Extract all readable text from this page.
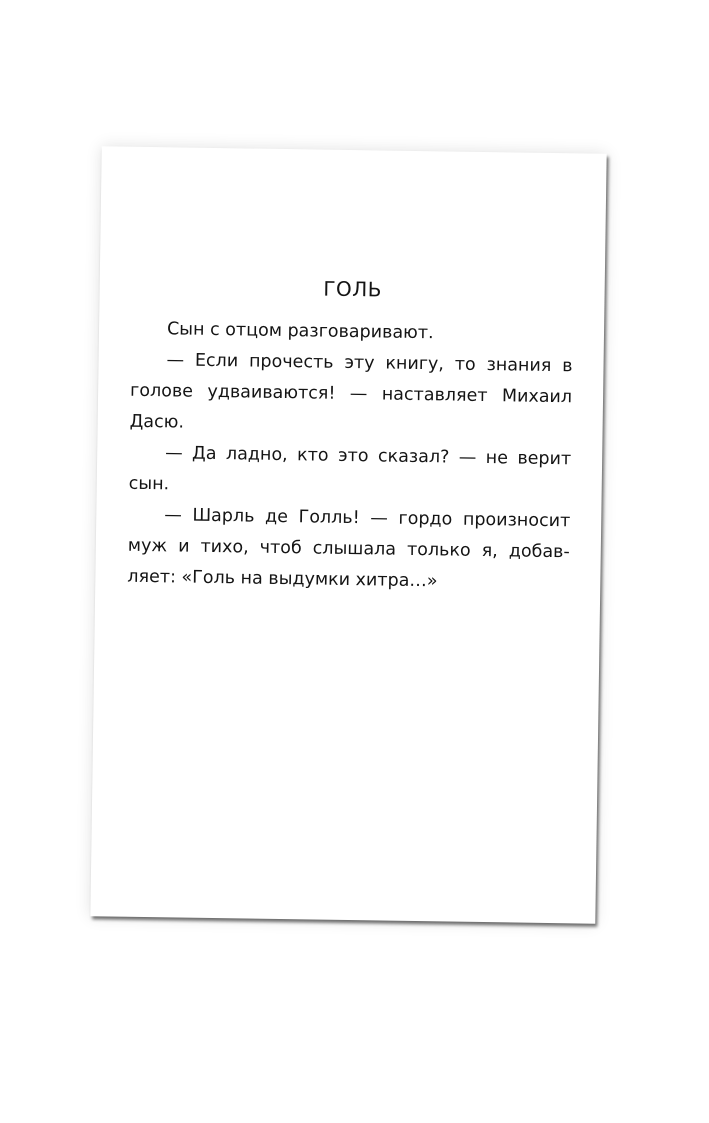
ГОЛЬ

Сын с отцом разговаривают.

— Если прочесть эту книгу, то знания в голове удваиваются! — наставляет Михаил Дасю.

— Да ладно, кто это сказал? — не верит сын.

— Шарль де Голль! — гордо произносит муж и тихо, чтоб слышала только я, добавляет: «Голь на выдумки хитра…»
